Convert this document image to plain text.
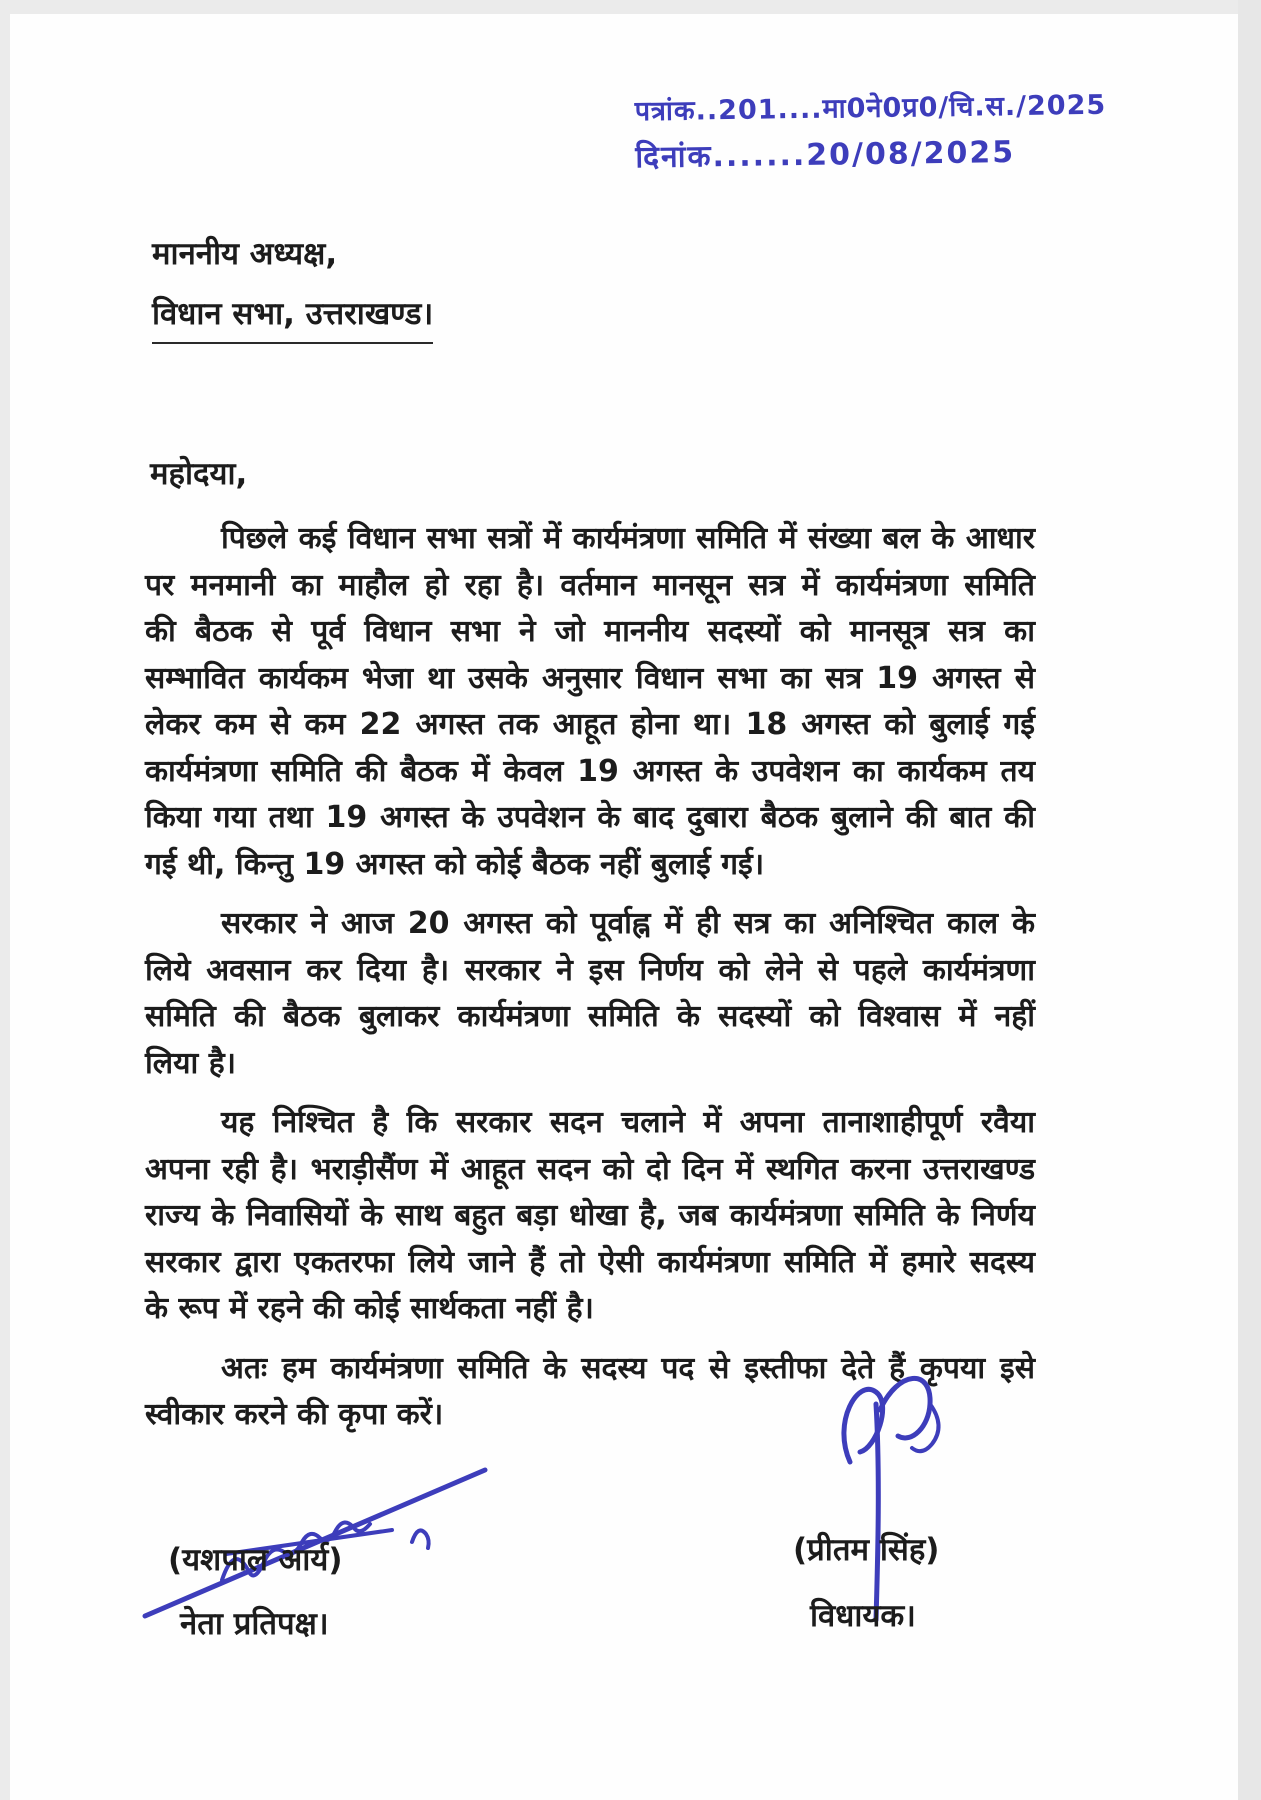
पत्रांक..201....मा0ने0प्र0/चि.स./2025
दिनांक.......20/08/2025
माननीय अध्यक्ष,
विधान सभा, उत्तराखण्ड।
महोदया,
पिछले कई विधान सभा सत्रों में कार्यमंत्रणा समिति में संख्या बल के आधार
पर मनमानी का माहौल हो रहा है। वर्तमान मानसून सत्र में कार्यमंत्रणा समिति
की बैठक से पूर्व विधान सभा ने जो माननीय सदस्यों को मानसूत्र सत्र का
सम्भावित कार्यकम भेजा था उसके अनुसार विधान सभा का सत्र 19 अगस्त से
लेकर कम से कम 22 अगस्त तक आहूत होना था। 18 अगस्त को बुलाई गई
कार्यमंत्रणा समिति की बैठक में केवल 19 अगस्त के उपवेशन का कार्यकम तय
किया गया तथा 19 अगस्त के उपवेशन के बाद दुबारा बैठक बुलाने की बात की
गई थी, किन्तु 19 अगस्त को कोई बैठक नहीं बुलाई गई।
सरकार ने आज 20 अगस्त को पूर्वाह्न में ही सत्र का अनिश्चित काल के
लिये अवसान कर दिया है। सरकार ने इस निर्णय को लेने से पहले कार्यमंत्रणा
समिति की बैठक बुलाकर कार्यमंत्रणा समिति के सदस्यों को विश्वास में नहीं
लिया है।
यह निश्चित है कि सरकार सदन चलाने में अपना तानाशाहीपूर्ण रवैया
अपना रही है। भराड़ीसैंण में आहूत सदन को दो दिन में स्थगित करना उत्तराखण्ड
राज्य के निवासियों के साथ बहुत बड़ा धोखा है, जब कार्यमंत्रणा समिति के निर्णय
सरकार द्वारा एकतरफा लिये जाने हैं तो ऐसी कार्यमंत्रणा समिति में हमारे सदस्य
के रूप में रहने की कोई सार्थकता नहीं है।
अतः हम कार्यमंत्रणा समिति के सदस्य पद से इस्तीफा देते हैं कृपया इसे
स्वीकार करने की कृपा करें।
(यशपाल आर्य)
नेता प्रतिपक्ष।
(प्रीतम सिंह)
विधायक।
